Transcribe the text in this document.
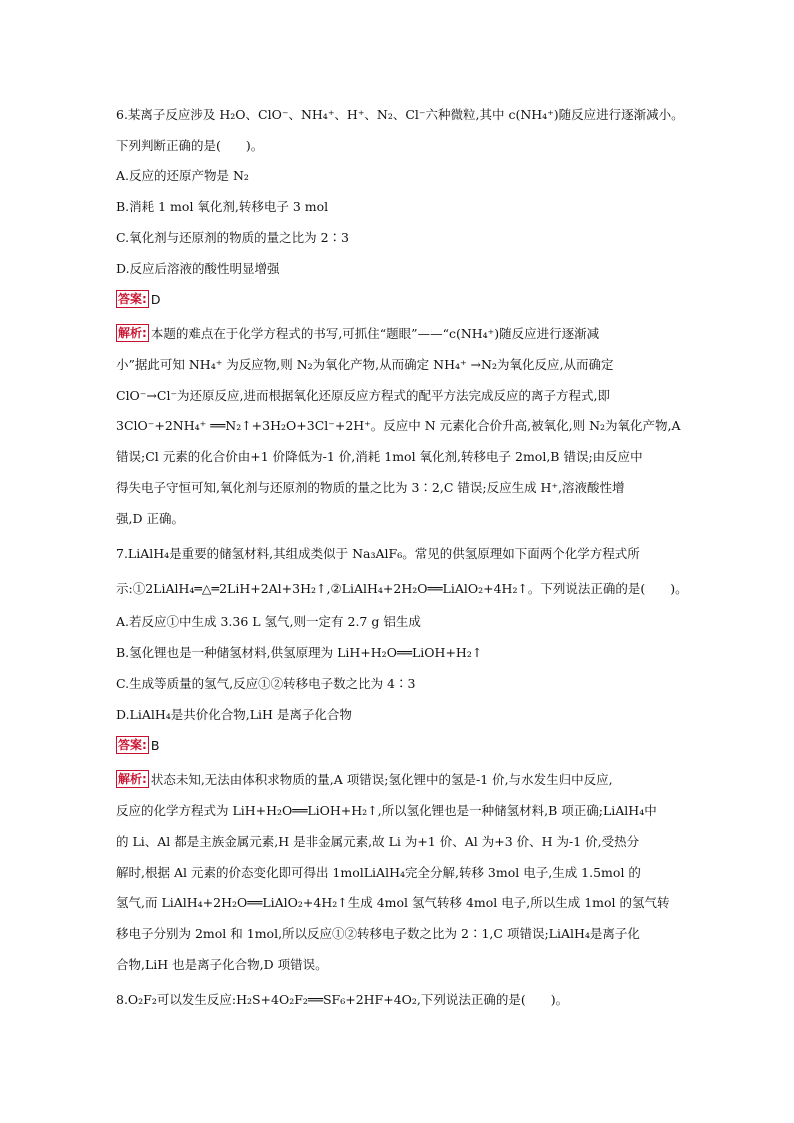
6.某离子反应涉及 H₂O、ClO⁻、NH₄⁺、H⁺、N₂、Cl⁻六种微粒,其中 c(NH₄⁺)随反应进行逐渐减小。
下列判断正确的是(　　)。
A.反应的还原产物是 N₂
B.消耗 1 mol 氧化剂,转移电子 3 mol
C.氧化剂与还原剂的物质的量之比为 2∶3
D.反应后溶液的酸性明显增强
答案: D
解析: 本题的难点在于化学方程式的书写,可抓住“题眼”——“c(NH₄⁺)随反应进行逐渐减
小”据此可知 NH₄⁺ 为反应物,则 N₂为氧化产物,从而确定 NH₄⁺ →N₂为氧化反应,从而确定
ClO⁻→Cl⁻为还原反应,进而根据氧化还原反应方程式的配平方法完成反应的离子方程式,即
3ClO⁻+2NH₄⁺ ══N₂↑+3H₂O+3Cl⁻+2H⁺。反应中 N 元素化合价升高,被氧化,则 N₂为氧化产物,A
错误;Cl 元素的化合价由+1 价降低为-1 价,消耗 1mol 氧化剂,转移电子 2mol,B 错误;由反应中
得失电子守恒可知,氧化剂与还原剂的物质的量之比为 3∶2,C 错误;反应生成 H⁺,溶液酸性增
强,D 正确。
7.LiAlH₄是重要的储氢材料,其组成类似于 Na₃AlF₆。常见的供氢原理如下面两个化学方程式所
示:①2LiAlH₄═△═2LiH+2Al+3H₂↑,②LiAlH₄+2H₂O══LiAlO₂+4H₂↑。下列说法正确的是(　　)。
A.若反应①中生成 3.36 L 氢气,则一定有 2.7 g 铝生成
B.氢化锂也是一种储氢材料,供氢原理为 LiH+H₂O══LiOH+H₂↑
C.生成等质量的氢气,反应①②转移电子数之比为 4∶3
D.LiAlH₄是共价化合物,LiH 是离子化合物
答案: B
解析: 状态未知,无法由体积求物质的量,A 项错误;氢化锂中的氢是-1 价,与水发生归中反应,
反应的化学方程式为 LiH+H₂O══LiOH+H₂↑,所以氢化锂也是一种储氢材料,B 项正确;LiAlH₄中
的 Li、Al 都是主族金属元素,H 是非金属元素,故 Li 为+1 价、Al 为+3 价、H 为-1 价,受热分
解时,根据 Al 元素的价态变化即可得出 1molLiAlH₄完全分解,转移 3mol 电子,生成 1.5mol 的
氢气,而 LiAlH₄+2H₂O══LiAlO₂+4H₂↑生成 4mol 氢气转移 4mol 电子,所以生成 1mol 的氢气转
移电子分别为 2mol 和 1mol,所以反应①②转移电子数之比为 2∶1,C 项错误;LiAlH₄是离子化
合物,LiH 也是离子化合物,D 项错误。
8.O₂F₂可以发生反应:H₂S+4O₂F₂══SF₆+2HF+4O₂,下列说法正确的是(　　)。
